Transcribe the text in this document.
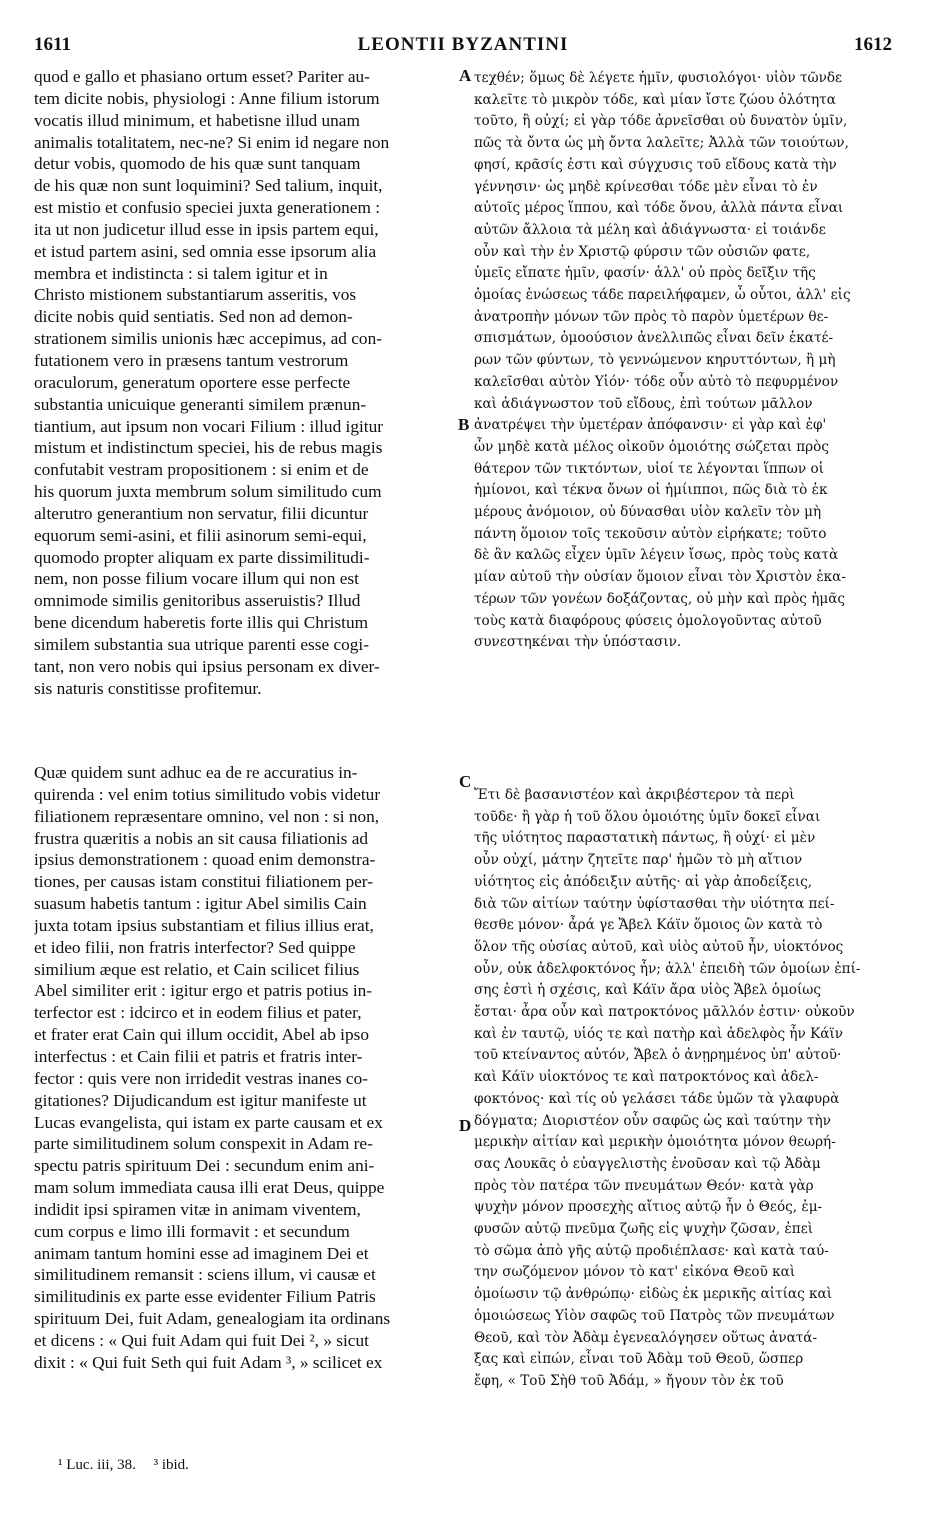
1611	LEONTII BYZANTINI	1612
quod e gallo et phasiano ortum esset? Pariter au-
tem dicite nobis, physiologi : Anne filium istorum
vocatis illud minimum, et habetisne illud unam
animalis totalitatem, nec-ne? Si enim id negare non
detur vobis, quomodo de his quæ sunt tanquam
de his quæ non sunt loquimini? Sed talium, inquit,
est mistio et confusio speciei juxta generationem :
ita ut non judicetur illud esse in ipsis partem equi,
et istud partem asini, sed omnia esse ipsorum alia
membra et indistincta : si talem igitur et in
Christo mistionem substantiarum asseritis, vos
dicite nobis quid sentiatis. Sed non ad demon-
strationem similis unionis hæc accepimus, ad con-
futationem vero in præsens tantum vestrorum
oraculorum, generatum oportere esse perfecte
substantia unicuique generanti similem prænun-
tiantium, aut ipsum non vocari Filium : illud igitur
mistum et indistinctum speciei, his de rebus magis
confutabit vestram propositionem : si enim et de
his quorum juxta membrum solum similitudo cum
alterutro generantium non servatur, filii dicuntur
equorum semi-asini, et filii asinorum semi-equi,
quomodo propter aliquam ex parte dissimilitudi-
nem, non posse filium vocare illum qui non est
omnimode similis genitoribus asseruistis? Illud
bene dicendum haberetis forte illis qui Christum
similem substantia sua utrique parenti esse cogi-
tant, non vero nobis qui ipsius personam ex diver-
sis naturis constitisse profitemur.
Quæ quidem sunt adhuc ea de re accuratius in-
quirenda : vel enim totius similitudo vobis videtur
filiationem repræsentare omnino, vel non : si non,
frustra quæritis a nobis an sit causa filiationis ad
ipsius demonstrationem : quoad enim demonstra-
tiones, per causas istam constitui filiationem per-
suasum habetis tantum : igitur Abel similis Cain
juxta totam ipsius substantiam et filius illius erat,
et ideo filii, non fratris interfector? Sed quippe
similium æque est relatio, et Cain scilicet filius
Abel similiter erit : igitur ergo et patris potius in-
terfector est : idcirco et in eodem filius et pater,
et frater erat Cain qui illum occidit, Abel ab ipso
interfectus : et Cain filii et patris et fratris inter-
fector : quis vere non irridedit vestras inanes co-
gitationes? Dijudicandum est igitur manifeste ut
Lucas evangelista, qui istam ex parte causam et ex
parte similitudinem solum conspexit in Adam re-
spectu patris spirituum Dei : secundum enim ani-
mam solum immediata causa illi erat Deus, quippe
indidit ipsi spiramen vitæ in animam viventem,
cum corpus e limo illi formavit : et secundum
animam tantum homini esse ad imaginem Dei et
similitudinem remansit : sciens illum, vi causæ et
similitudinis ex parte esse evidenter Filium Patris
spirituum Dei, fuit Adam, genealogiam ita ordinans
et dicens : « Qui fuit Adam qui fuit Dei ², » sicut
dixit : « Qui fuit Seth qui fuit Adam ³, » scilicet ex
τεχθέν; ὅμως δὲ λέγετε ἡμῖν, φυσιολόγοι· υἱὸν τῶνδε
καλεῖτε τὸ μικρὸν τόδε, καὶ μίαν ἴστε ζώου ὁλότητα
τοῦτο, ἢ οὐχί; εἰ γὰρ τόδε ἀρνεῖσθαι οὐ δυνατὸν ὑμῖν,
πῶς τὰ ὄντα ὡς μὴ ὄντα λαλεῖτε; Ἀλλὰ τῶν τοιούτων,
φησί, κρᾶσίς ἐστι καὶ σύγχυσις τοῦ εἴδους κατὰ τὴν
γέννησιν· ὡς μηδὲ κρίνεσθαι τόδε μὲν εἶναι τὸ ἐν
αὐτοῖς μέρος ἵππου, καὶ τόδε ὄνου, ἀλλὰ πάντα εἶναι
αὐτῶν ἄλλοια τὰ μέλη καὶ ἀδιάγνωστα· εἰ τοιάνδε
οὖν καὶ τὴν ἐν Χριστῷ φύρσιν τῶν οὐσιῶν φατε,
ὑμεῖς εἴπατε ἡμῖν, φασίν· ἀλλ' οὐ πρὸς δεῖξιν τῆς
ὁμοίας ἑνώσεως τάδε παρειλήφαμεν, ὦ οὗτοι, ἀλλ' εἰς
ἀνατροπὴν μόνων τῶν πρὸς τὸ παρὸν ὑμετέρων θε-
σπισμάτων, ὁμοούσιον ἀνελλιπῶς εἶναι δεῖν ἑκατέ-
ρων τῶν φύντων, τὸ γεννώμενον κηρυττόντων, ἢ μὴ
καλεῖσθαι αὐτὸν Υἱόν· τόδε οὖν αὐτὸ τὸ πεφυρμένον
καὶ ἀδιάγνωστον τοῦ εἴδους, ἐπὶ τούτων μᾶλλον
ἀνατρέψει τὴν ὑμετέραν ἀπόφανσιν· εἰ γὰρ καὶ ἐφ'
ὧν μηδὲ κατὰ μέλος οἰκοῦν ὁμοιότης σώζεται πρὸς
θάτερον τῶν τικτόντων, υἱοί τε λέγονται ἵππων οἱ
ἡμίονοι, καὶ τέκνα ὄνων οἱ ἡμίιπποι, πῶς διὰ τὸ ἐκ
μέρους ἀνόμοιον, οὐ δύνασθαι υἱὸν καλεῖν τὸν μὴ
πάντη ὅμοιον τοῖς τεκοῦσιν αὐτὸν εἰρήκατε; τοῦτο
δὲ ἂν καλῶς εἶχεν ὑμῖν λέγειν ἴσως, πρὸς τοὺς κατὰ
μίαν αὐτοῦ τὴν οὐσίαν ὅμοιον εἶναι τὸν Χριστὸν ἑκα-
τέρων τῶν γονέων δοξάζοντας, οὐ μὴν καὶ πρὸς ἡμᾶς
τοὺς κατὰ διαφόρους φύσεις ὁμολογοῦντας αὐτοῦ
συνεστηκέναι τὴν ὑπόστασιν.
Ἔτι δὲ βασανιστέον καὶ ἀκριβέστερον τὰ περὶ
τοῦδε· ἢ γὰρ ἡ τοῦ ὅλου ὁμοιότης ὑμῖν δοκεῖ εἶναι
τῆς υἱότητος παραστατικὴ πάντως, ἢ οὐχί· εἰ μὲν
οὖν οὐχί, μάτην ζητεῖτε παρ' ἡμῶν τὸ μὴ αἴτιον
υἱότητος εἰς ἀπόδειξιν αὐτῆς· αἱ γὰρ ἀποδείξεις,
διὰ τῶν αἰτίων ταύτην ὑφίστασθαι τὴν υἱότητα πεί-
θεσθε μόνον· ἆρά γε Ἄβελ Κάϊν ὅμοιος ὢν κατὰ τὸ
ὅλον τῆς οὐσίας αὐτοῦ, καὶ υἱὸς αὐτοῦ ἦν, υἱοκτόνος
οὖν, οὐκ ἀδελφοκτόνος ἦν; ἀλλ' ἐπειδὴ τῶν ὁμοίων ἐπί-
σης ἐστὶ ἡ σχέσις, καὶ Κάϊν ἄρα υἱὸς Ἄβελ ὁμοίως
ἔσται· ἆρα οὖν καὶ πατροκτόνος μᾶλλόν ἐστιν· οὐκοῦν
καὶ ἐν ταυτῷ, υἱός τε καὶ πατὴρ καὶ ἀδελφὸς ἦν Κάϊν
τοῦ κτείναντος αὐτόν, Ἄβελ ὁ ἀνῃρημένος ὑπ' αὐτοῦ·
καὶ Κάϊν υἱοκτόνος τε καὶ πατροκτόνος καὶ ἀδελ-
φοκτόνος· καὶ τίς οὐ γελάσει τάδε ὑμῶν τὰ γλαφυρὰ
δόγματα; Διοριστέον οὖν σαφῶς ὡς καὶ ταύτην τὴν
μερικὴν αἰτίαν καὶ μερικὴν ὁμοιότητα μόνον θεωρή-
σας Λουκᾶς ὁ εὐαγγελιστὴς ἑνοῦσαν καὶ τῷ Ἀδὰμ
πρὸς τὸν πατέρα τῶν πνευμάτων Θεόν· κατὰ γὰρ
ψυχὴν μόνον προσεχὴς αἴτιος αὐτῷ ἦν ὁ Θεός, ἐμ-
φυσῶν αὐτῷ πνεῦμα ζωῆς εἰς ψυχὴν ζῶσαν, ἐπεὶ
τὸ σῶμα ἀπὸ γῆς αὐτῷ προδιέπλασε· καὶ κατὰ ταύ-
την σωζόμενον μόνον τὸ κατ' εἰκόνα Θεοῦ καὶ
ὁμοίωσιν τῷ ἀνθρώπῳ· εἰδὼς ἐκ μερικῆς αἰτίας καὶ
ὁμοιώσεως Υἱὸν σαφῶς τοῦ Πατρὸς τῶν πνευμάτων
Θεοῦ, καὶ τὸν Ἀδὰμ ἐγενεαλόγησεν οὕτως ἀνατά-
ξας καὶ εἰπών, εἶναι τοῦ Ἀδὰμ τοῦ Θεοῦ, ὥσπερ
ἔφη, « Τοῦ Σὴθ τοῦ Ἀδάμ, » ἤγουν τὸν ἐκ τοῦ
A
B
C
D
¹ Luc. iii, 38. ³ ibid.
